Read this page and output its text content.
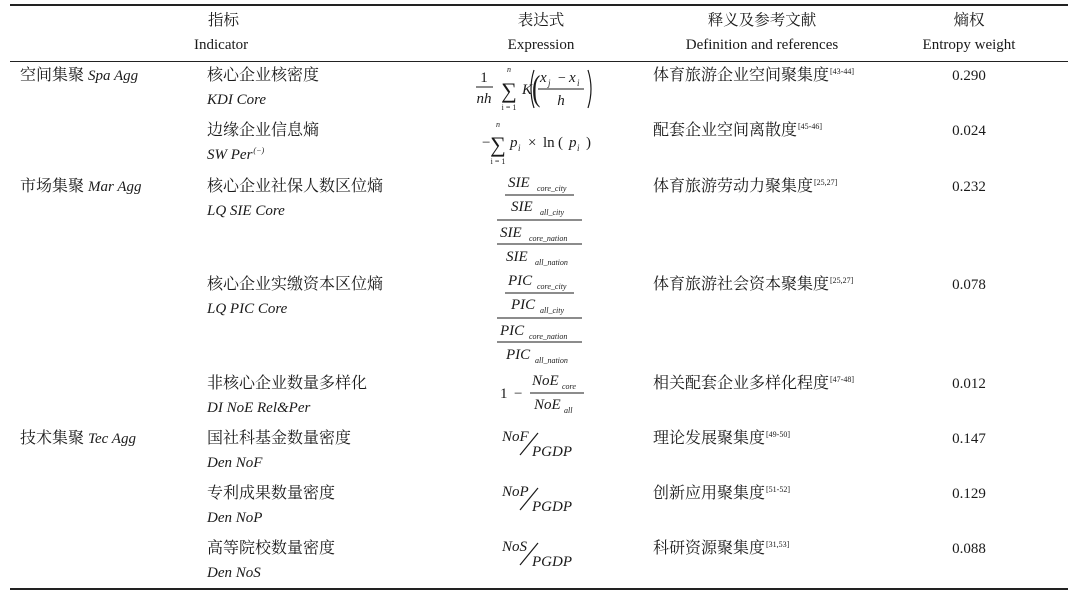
指标
Indicator
表达式
Expression
释义及参考文献
Definition and references
熵权
Entropy weight
空间集聚 Spa Agg
市场集聚 Mar Agg
技术集聚 Tec Agg
核心企业核密度
KDI Core
边缘企业信息熵
SW Per(−)
核心企业社保人数区位熵
LQ SIE Core
核心企业实缴资本区位熵
LQ PIC Core
非核心企业数量多样化
DI NoE Rel&Per
国社科基金数量密度
Den NoF
专利成果数量密度
Den NoP
高等院校数量密度
Den NoS
体育旅游企业空间聚集度[43-44]
配套企业空间离散度[45-46]
体育旅游劳动力聚集度[25,27]
体育旅游社会资本聚集度[25,27]
相关配套企业多样化程度[47-48]
理论发展聚集度[49-50]
创新应用聚集度[51-52]
科研资源聚集度[31,53]
0.290
0.024
0.232
0.078
0.012
0.147
0.129
0.088
1
nh
n
∑
i = 1
K ( x j − x i
h
−
n
∑
i = 1
p i × ln ( p i )
SIE core_city
SIE all_city
SIE core_nation
SIE all_nation
PIC core_city
PIC all_city
PIC core_nation
PIC all_nation
1 −
NoE core
NoE all
NoF
PGDP
NoP
PGDP
NoS
PGDP
